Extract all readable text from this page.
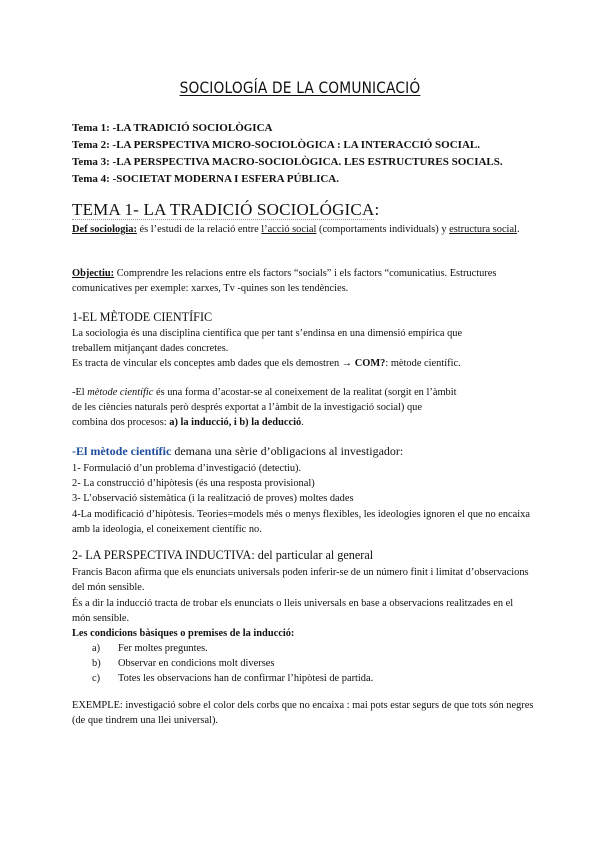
SOCIOLOGÍA DE LA COMUNICACIÓ
Tema 1: -LA TRADICIÓ SOCIOLÒGICA
Tema 2: -LA PERSPECTIVA MICRO-SOCIOLÒGICA : LA INTERACCIÓ SOCIAL.
Tema 3: -LA PERSPECTIVA MACRO-SOCIOLÒGICA. LES ESTRUCTURES SOCIALS.
Tema 4: -SOCIETAT MODERNA I ESFERA PÚBLICA.
TEMA 1- LA TRADICIÓ SOCIOLÓGICA:
Def sociologia: és l’estudi de la relació entre l’acció social (comportaments individuals) y estructura social.
Objectiu: Comprendre les relacions entre els factors “socials” i els factors “comunicatius. Estructures comunicatives per exemple: xarxes, Tv -quines son les tendències.
1-EL MÈTODE CIENTÍFIC
La sociologia és una disciplina científica que per tant s’endinsa en una dimensió empírica que
treballem mitjançant dades concretes.
Es tracta de vincular els conceptes amb dades que els demostren → COM?: mètode científic.
-El mètode científic és una forma d’acostar-se al coneixement de la realitat (sorgit en l’àmbit
de les ciències naturals però després exportat a l’àmbit de la investigació social) que
combina dos procesos: a) la inducció, i b) la deducció.
-El mètode científic demana una sèrie d’obligacions al investigador:
1- Formulació d’un problema d’investigació (detectiu).
2- La construcció d’hipòtesis (és una resposta provisional)
3- L’observació sistemàtica (i la realització de proves) moltes dades
4-La modificació d’hipòtesis. Teories=models més o menys flexibles, les ideologies ignoren el que no encaixa amb la ideologia, el coneixement científic no.
2- LA PERSPECTIVA INDUCTIVA: del particular al general
Francis Bacon afirma que els enunciats universals poden inferir-se de un número finit i limitat d’observacions del món sensible.
És a dir la inducció tracta de trobar els enunciats o lleis universals en base a observacions realitzades en el món sensible.
Les condicions bàsiques o premises de la inducció:
a)	Fer moltes preguntes.
b)	Observar en condicions molt diverses
c)	Totes les observacions han de confirmar l’hipòtesi de partida.
EXEMPLE: investigació sobre el color dels corbs que no encaixa : mai pots estar segurs de que tots són negres (de que tindrem una llei universal).
